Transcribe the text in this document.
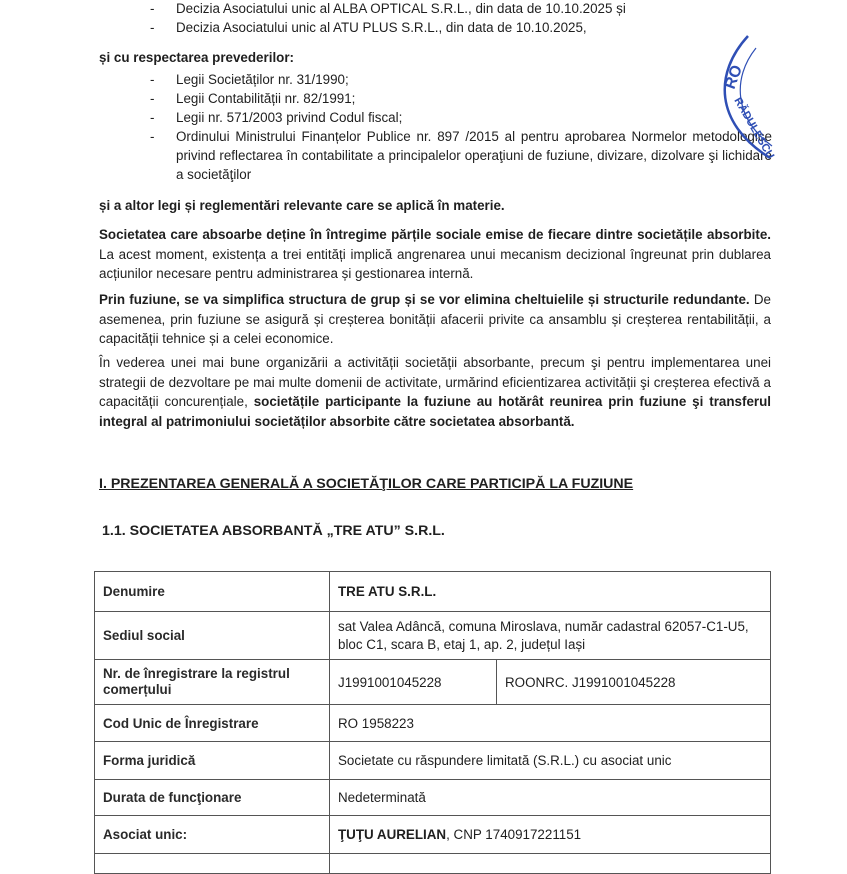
- Decizia Asociatului unic al ALBA OPTICAL S.R.L., din data de 10.10.2025 și
- Decizia Asociatului unic al ATU PLUS S.R.L., din data de 10.10.2025,
și cu respectarea prevederilor:
- Legii Societăților nr. 31/1990;
- Legii Contabilității nr. 82/1991;
- Legii nr. 571/2003 privind Codul fiscal;
- Ordinului Ministrului Finanțelor Publice nr. 897 /2015 al pentru aprobarea Normelor metodologice privind reflectarea în contabilitate a principalelor operaţiuni de fuziune, divizare, dizolvare şi lichidare a societăţilor
și a altor legi și reglementări relevante care se aplică în materie.

Societatea care absoarbe deține în întregime părțile sociale emise de fiecare dintre societățile absorbite. La acest moment, existența a trei entități implică angrenarea unui mecanism decizional îngreunat prin dublarea acțiunilor necesare pentru administrarea și gestionarea internă.

Prin fuziune, se va simplifica structura de grup și se vor elimina cheltuielile și structurile redundante. De asemenea, prin fuziune se asigură și creșterea bonității afacerii privite ca ansamblu și creșterea rentabilității, a capacității tehnice și a celei economice.

În vederea unei mai bune organizării a activității societății absorbante, precum şi pentru implementarea unei strategii de dezvoltare pe mai multe domenii de activitate, urmărind eficientizarea activității şi creșterea efectivă a capacității concurențiale, societățile participante la fuziune au hotărât reunirea prin fuziune şi transferul integral al patrimoniului societăților absorbite către societatea absorbantă.

I. PREZENTAREA GENERALĂ A SOCIETĂŢILOR CARE PARTICIPĂ LA FUZIUNE
1.1. SOCIETATEA ABSORBANTĂ „TRE ATU” S.R.L.
Denumire	TRE ATU S.R.L.	
Sediul social	sat Valea Adâncă, comuna Miroslava, număr cadastral 62057-C1-U5, bloc C1, scara B, etaj 1, ap. 2, județul Iași	
Nr. de înregistrare la registrul comerțului	J1991001045228	ROONRC. J1991001045228
Cod Unic de Înregistrare	RO 1958223	
Forma juridică	Societate cu răspundere limitată (S.R.L.) cu asociat unic	
Durata de funcţionare	Nedeterminată	
Asociat unic:	ŢUŢU AURELIAN, CNP 1740917221151	

RO
RĂDULESCU
